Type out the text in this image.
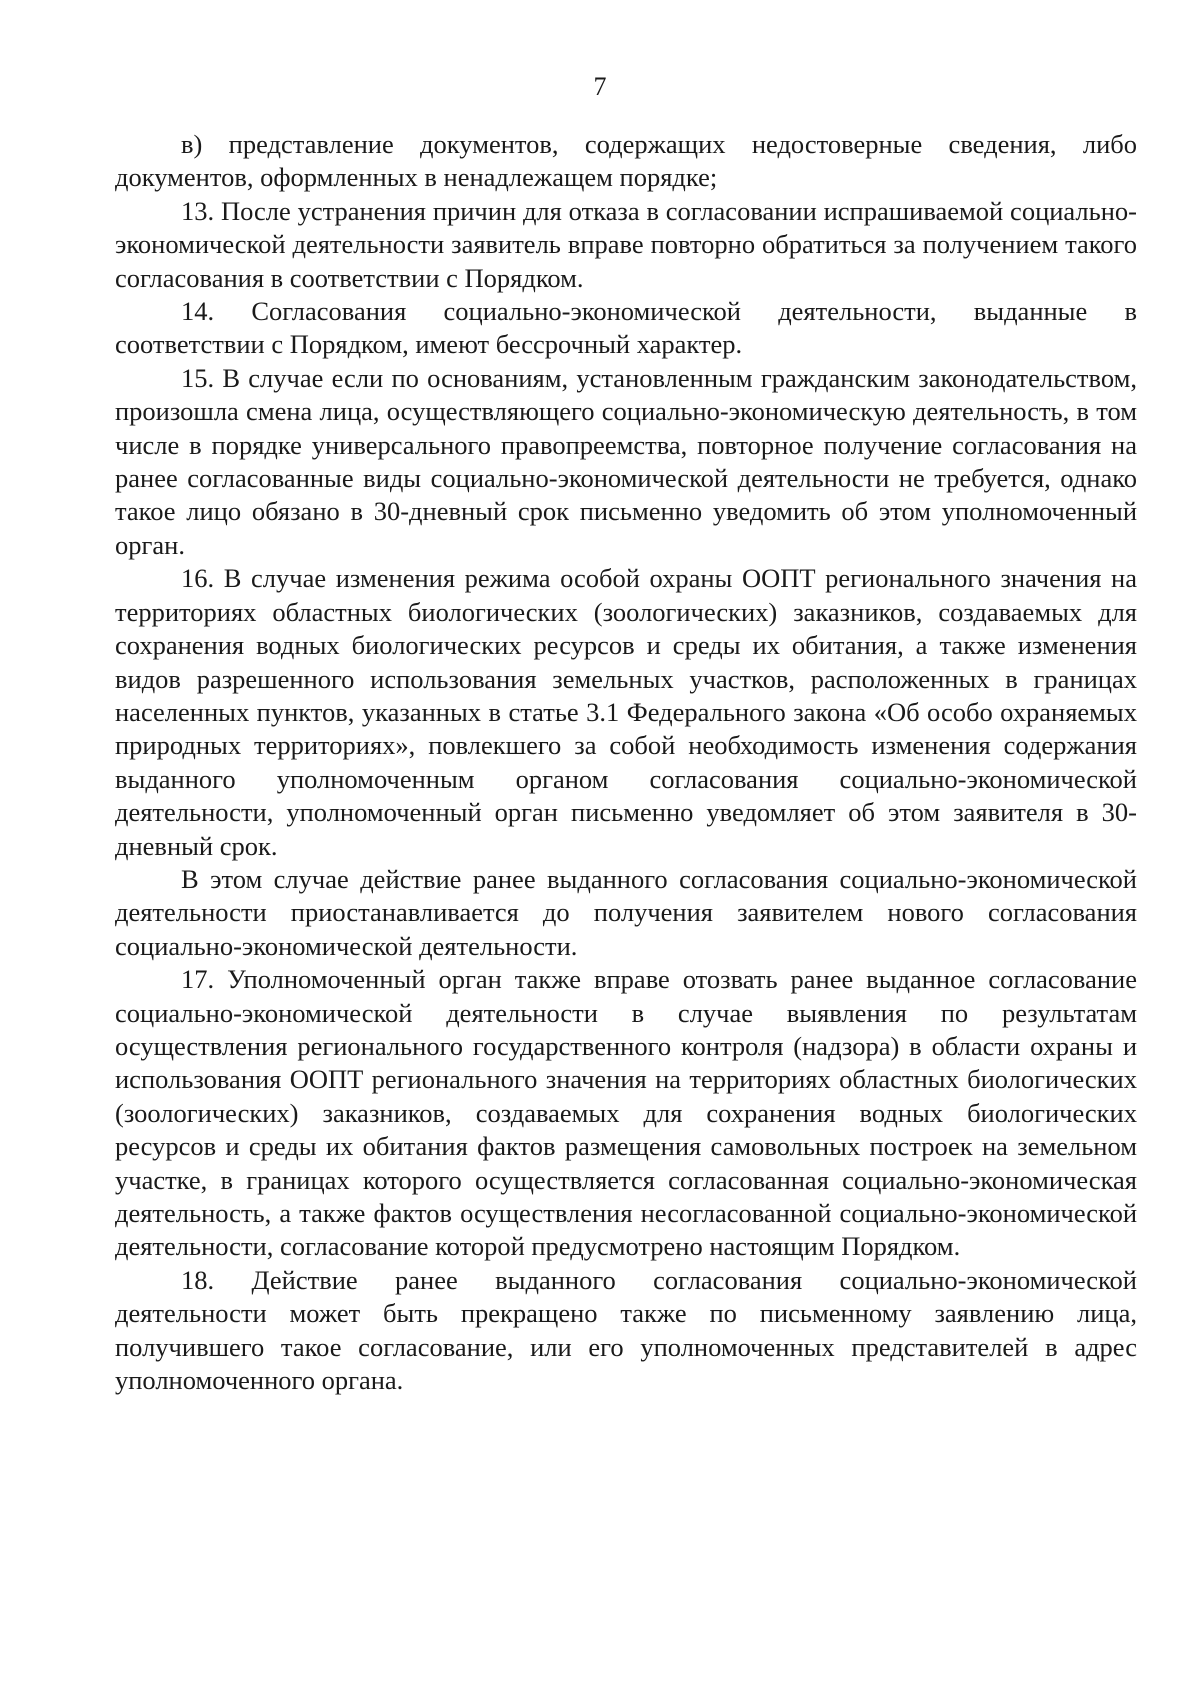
7

в) представление документов, содержащих недостоверные сведения, либо документов, оформленных в ненадлежащем порядке;

13. После устранения причин для отказа в согласовании испрашиваемой социально-экономической деятельности заявитель вправе повторно обратиться за получением такого согласования в соответствии с Порядком.

14. Согласования социально-экономической деятельности, выданные в соответствии с Порядком, имеют бессрочный характер.

15. В случае если по основаниям, установленным гражданским законодательством, произошла смена лица, осуществляющего социально-экономическую деятельность, в том числе в порядке универсального правопреемства, повторное получение согласования на ранее согласованные виды социально-экономической деятельности не требуется, однако такое лицо обязано в 30-дневный срок письменно уведомить об этом уполномоченный орган.

16. В случае изменения режима особой охраны ООПТ регионального значения на территориях областных биологических (зоологических) заказников, создаваемых для сохранения водных биологических ресурсов и среды их обитания, а также изменения видов разрешенного использования земельных участков, расположенных в границах населенных пунктов, указанных в статье 3.1 Федерального закона «Об особо охраняемых природных территориях», повлекшего за собой необходимость изменения содержания выданного уполномоченным органом согласования социально-экономической деятельности, уполномоченный орган письменно уведомляет об этом заявителя в 30-дневный срок.

В этом случае действие ранее выданного согласования социально-экономической деятельности приостанавливается до получения заявителем нового согласования социально-экономической деятельности.

17. Уполномоченный орган также вправе отозвать ранее выданное согласование социально-экономической деятельности в случае выявления по результатам осуществления регионального государственного контроля (надзора) в области охраны и использования ООПТ регионального значения на территориях областных биологических (зоологических) заказников, создаваемых для сохранения водных биологических ресурсов и среды их обитания фактов размещения самовольных построек на земельном участке, в границах которого осуществляется согласованная социально-экономическая деятельность, а также фактов осуществления несогласованной социально-экономической деятельности, согласование которой предусмотрено настоящим Порядком.

18. Действие ранее выданного согласования социально-экономической деятельности может быть прекращено также по письменному заявлению лица, получившего такое согласование, или его уполномоченных представителей в адрес уполномоченного органа.
